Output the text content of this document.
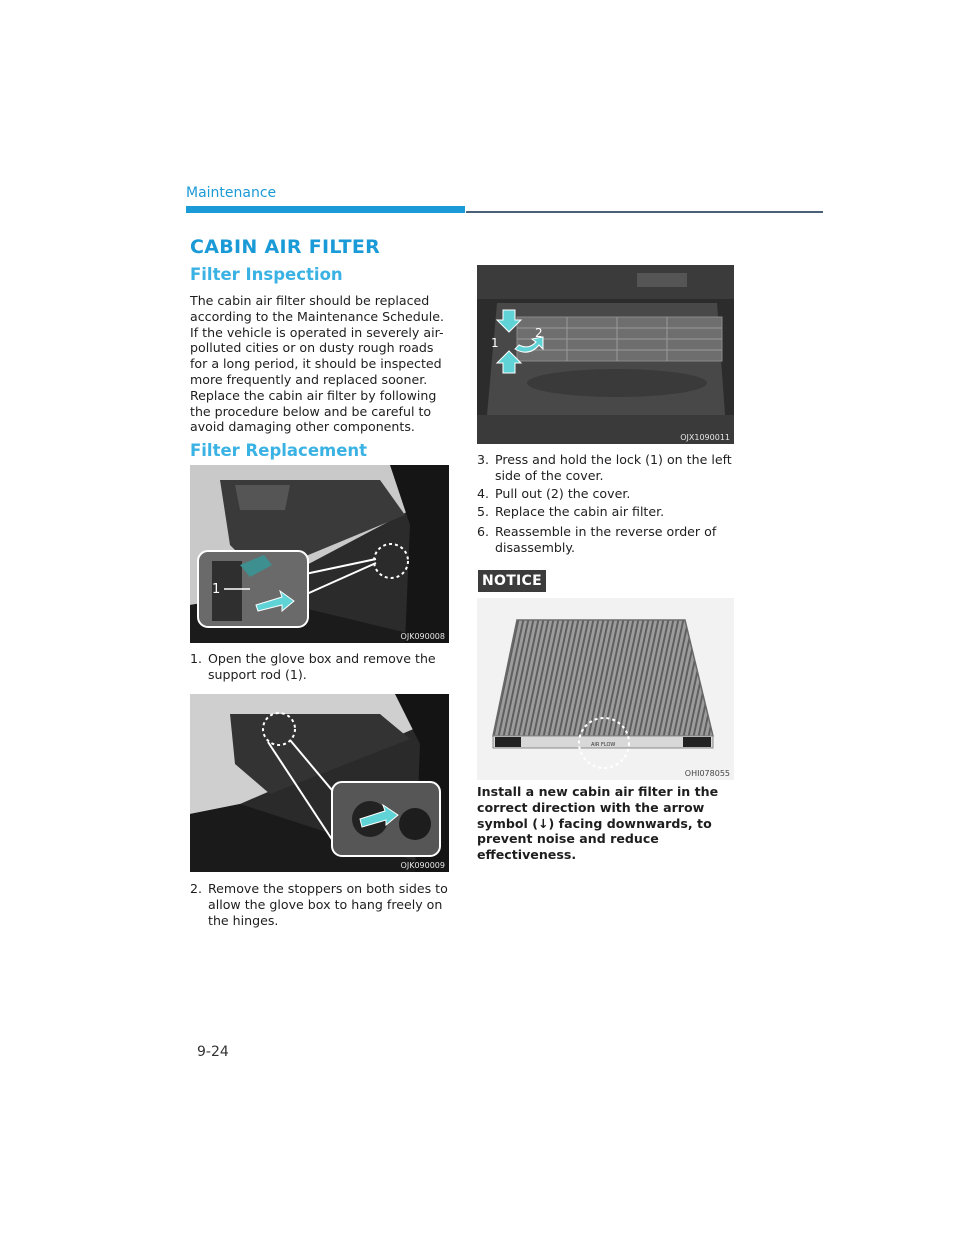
Maintenance
CABIN AIR FILTER
Filter Inspection
The cabin air filter should be replaced according to the Maintenance Schedule. If the vehicle is operated in severely air-polluted cities or on dusty rough roads for a long period, it should be inspected more frequently and replaced sooner. Replace the cabin air filter by following the procedure below and be careful to avoid damaging other components.
Filter Replacement
1
OJK090008
1. Open the glove box and remove the support rod (1).
OJK090009
2. Remove the stoppers on both sides to allow the glove box to hang freely on the hinges.
1
2
OJX1090011
3. Press and hold the lock (1) on the left side of the cover.
4. Pull out (2) the cover.
5. Replace the cabin air filter.
6. Reassemble in the reverse order of disassembly.
NOTICE
AIR FLOW
OHI078055
Install a new cabin air filter in the correct direction with the arrow symbol (↓) facing downwards, to prevent noise and reduce effectiveness.
9-24
